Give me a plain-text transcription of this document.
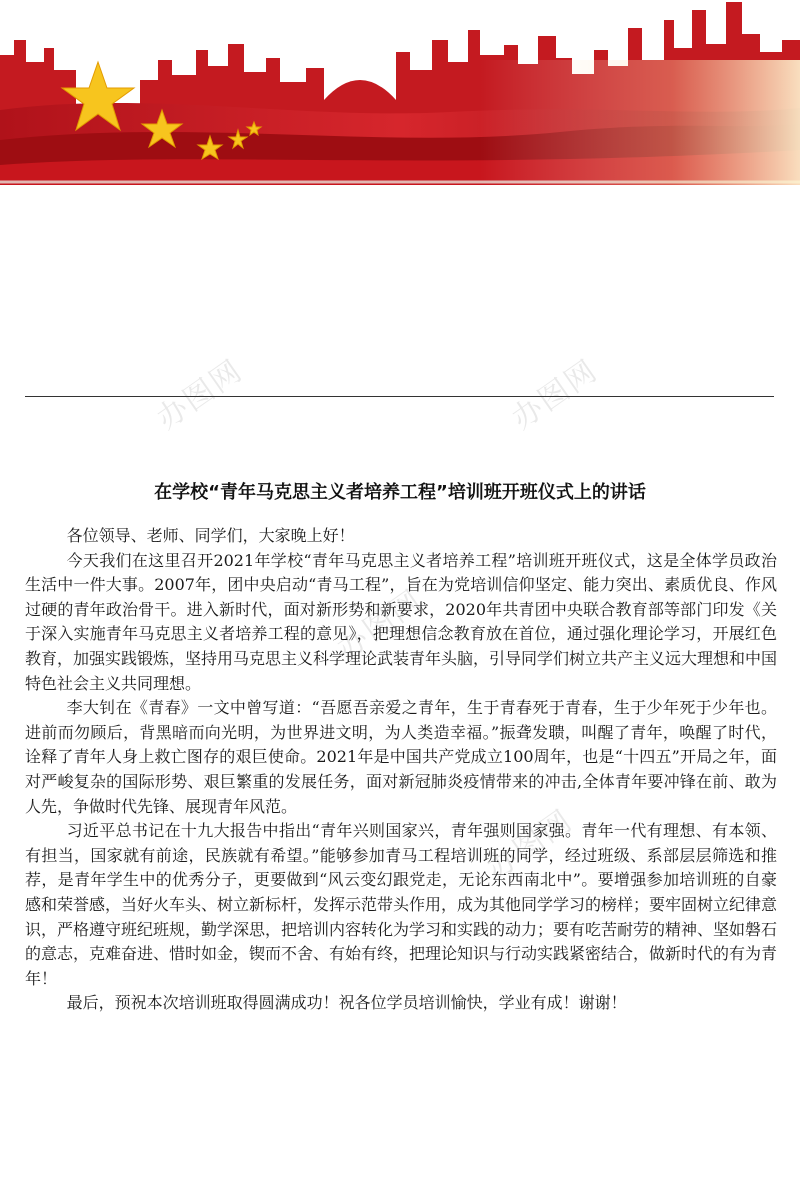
办图网	办图网
办图网
办图网
在学校“青年马克思主义者培养工程”培训班开班仪式上的讲话

各位领导、老师、同学们，大家晚上好！

今天我们在这里召开2021年学校“青年马克思主义者培养工程”培训班开班仪式，这是全体学员政治生活中一件大事。2007年，团中央启动“青马工程”，旨在为党培训信仰坚定、能力突出、素质优良、作风过硬的青年政治骨干。进入新时代，面对新形势和新要求，2020年共青团中央联合教育部等部门印发《关于深入实施青年马克思主义者培养工程的意见》，把理想信念教育放在首位，通过强化理论学习，开展红色教育，加强实践锻炼，坚持用马克思主义科学理论武装青年头脑，引导同学们树立共产主义远大理想和中国特色社会主义共同理想。

李大钊在《青春》一文中曾写道：“吾愿吾亲爱之青年，生于青春死于青春，生于少年死于少年也。进前而勿顾后，背黑暗而向光明，为世界进文明，为人类造幸福。”振聋发聩，叫醒了青年，唤醒了时代，诠释了青年人身上救亡图存的艰巨使命。2021年是中国共产党成立100周年，也是“十四五”开局之年，面对严峻复杂的国际形势、艰巨繁重的发展任务，面对新冠肺炎疫情带来的冲击,全体青年要冲锋在前、敢为人先，争做时代先锋、展现青年风范。

习近平总书记在十九大报告中指出“青年兴则国家兴，青年强则国家强。青年一代有理想、有本领、有担当，国家就有前途，民族就有希望。”能够参加青马工程培训班的同学，经过班级、系部层层筛选和推荐，是青年学生中的优秀分子，更要做到“风云变幻跟党走，无论东西南北中”。要增强参加培训班的自豪感和荣誉感，当好火车头、树立新标杆，发挥示范带头作用，成为其他同学学习的榜样；要牢固树立纪律意识，严格遵守班纪班规，勤学深思，把培训内容转化为学习和实践的动力；要有吃苦耐劳的精神、坚如磐石的意志，克难奋进、惜时如金，锲而不舍、有始有终，把理论知识与行动实践紧密结合，做新时代的有为青年！

最后，预祝本次培训班取得圆满成功！祝各位学员培训愉快，学业有成！谢谢！
